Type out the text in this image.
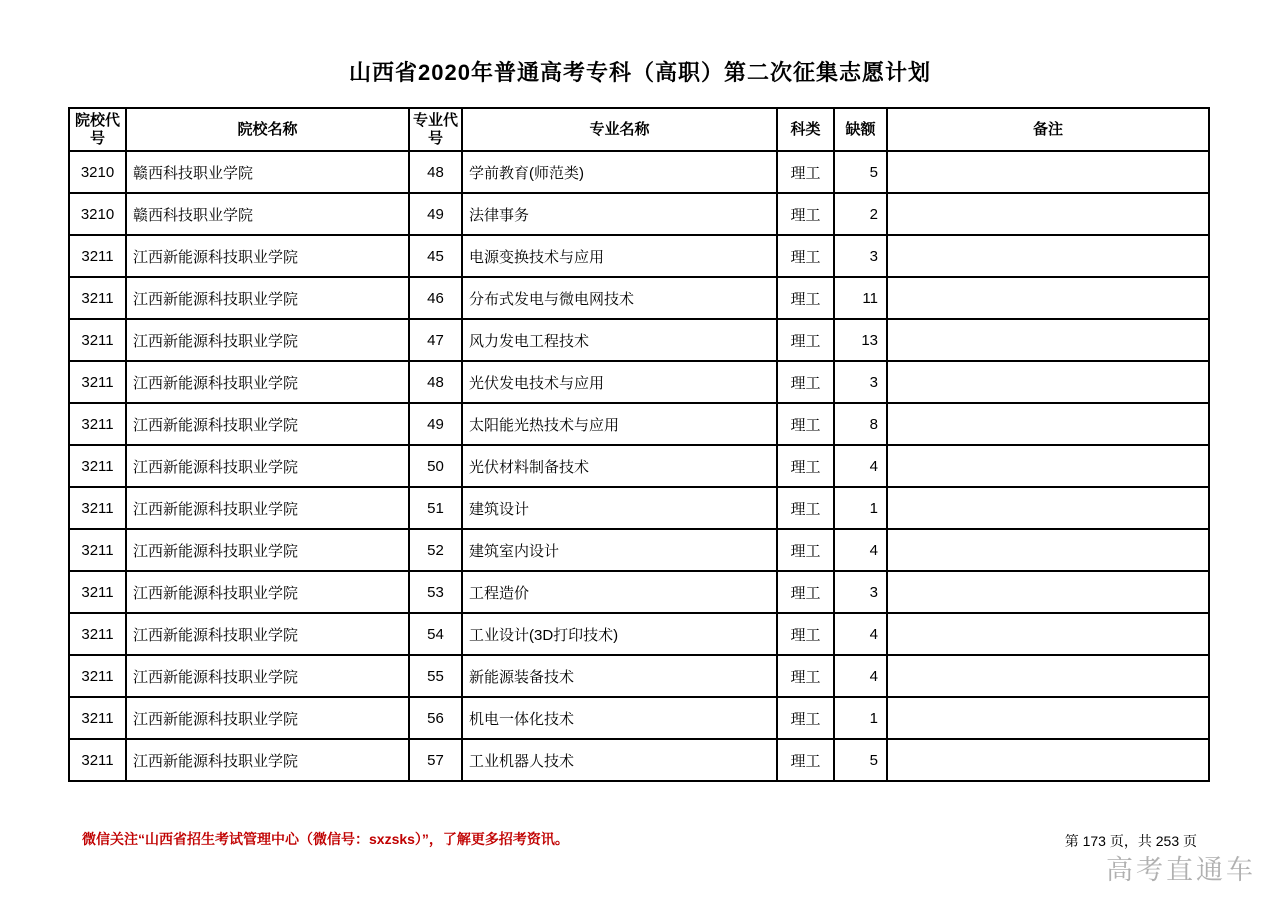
山西省2020年普通高考专科（高职）第二次征集志愿计划
院校代号	院校名称	专业代号	专业名称	科类	缺额	备注
3210	赣西科技职业学院	48	学前教育(师范类)	理工	5	
3210	赣西科技职业学院	49	法律事务	理工	2	
3211	江西新能源科技职业学院	45	电源变换技术与应用	理工	3	
3211	江西新能源科技职业学院	46	分布式发电与微电网技术	理工	11	
3211	江西新能源科技职业学院	47	风力发电工程技术	理工	13	
3211	江西新能源科技职业学院	48	光伏发电技术与应用	理工	3	
3211	江西新能源科技职业学院	49	太阳能光热技术与应用	理工	8	
3211	江西新能源科技职业学院	50	光伏材料制备技术	理工	4	
3211	江西新能源科技职业学院	51	建筑设计	理工	1	
3211	江西新能源科技职业学院	52	建筑室内设计	理工	4	
3211	江西新能源科技职业学院	53	工程造价	理工	3	
3211	江西新能源科技职业学院	54	工业设计(3D打印技术)	理工	4	
3211	江西新能源科技职业学院	55	新能源装备技术	理工	4	
3211	江西新能源科技职业学院	56	机电一体化技术	理工	1	
3211	江西新能源科技职业学院	57	工业机器人技术	理工	5	
微信关注“山西省招生考试管理中心（微信号：sxzsks）”，了解更多招考资讯。	第 173 页，共 253 页
高考直通车
